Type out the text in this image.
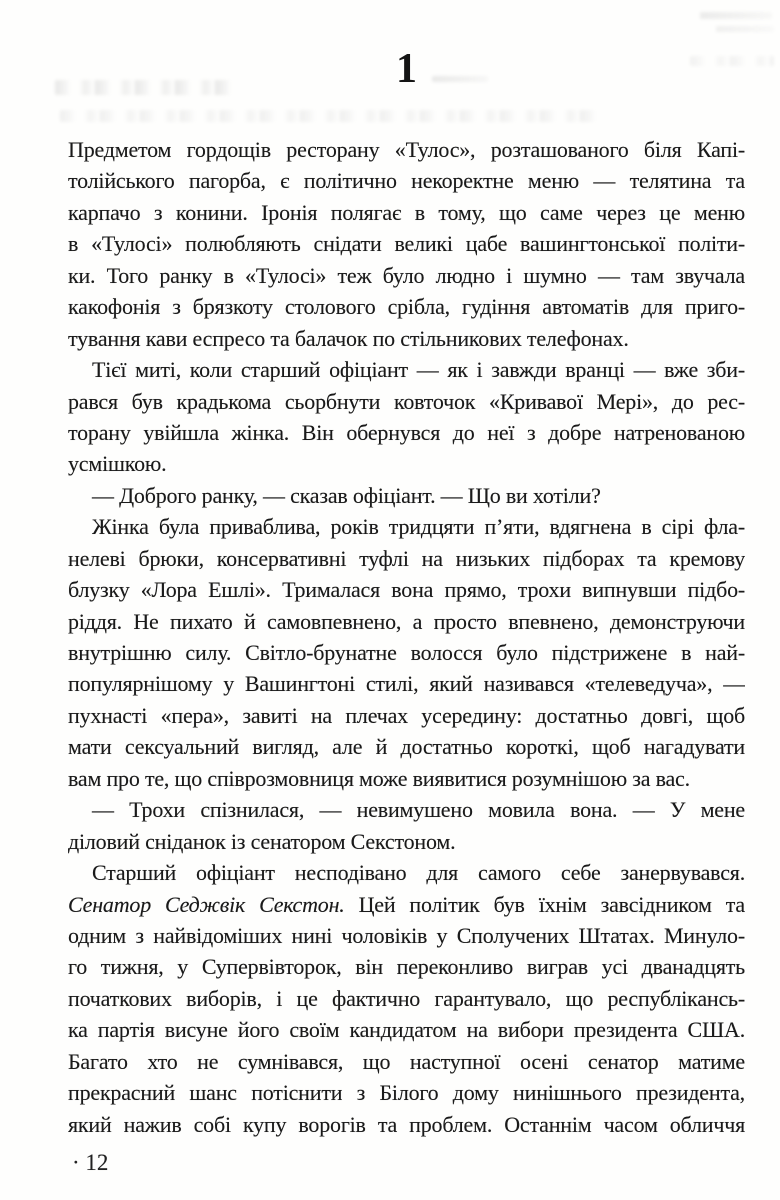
1
Предметом гордощів ресторану «Тулос», розташованого біля Капі-
толійського пагорба, є політично некоректне меню — телятина та
карпачо з конини. Іронія полягає в тому, що саме через це меню
в «Тулосі» полюбляють снідати великі цабе вашингтонської політи-
ки. Того ранку в «Тулосі» теж було людно і шумно — там звучала
какофонія з брязкоту столового срібла, гудіння автоматів для приго-
тування кави еспресо та балачок по стільникових телефонах.
Тієї миті, коли старший офіціант — як і завжди вранці — вже зби-
рався був крадькома сьорбнути ковточок «Кривавої Мері», до рес-
торану увійшла жінка. Він обернувся до неї з добре натренованою
усмішкою.
— Доброго ранку, — сказав офіціант. — Що ви хотіли?
Жінка була приваблива, років тридцяти п’яти, вдягнена в сірі фла-
нелеві брюки, консервативні туфлі на низьких підборах та кремову
блузку «Лора Ешлі». Трималася вона прямо, трохи випнувши підбо-
ріддя. Не пихато й самовпевнено, а просто впевнено, демонструючи
внутрішню силу. Світло-брунатне волосся було підстрижене в най-
популярнішому у Вашингтоні стилі, який називався «телеведуча», —
пухнасті «пера», завиті на плечах усередину: достатньо довгі, щоб
мати сексуальний вигляд, але й достатньо короткі, щоб нагадувати
вам про те, що співрозмовниця може виявитися розумнішою за вас.
— Трохи спізнилася, — невимушено мовила вона. — У мене
діловий сніданок із сенатором Секстоном.
Старший офіціант несподівано для самого себе занервувався.
Сенатор Седжвік Секстон. Цей політик був їхнім завсідником та
одним з найвідоміших нині чоловіків у Сполучених Штатах. Минуло-
го тижня, у Супервівторок, він переконливо виграв усі дванадцять
початкових виборів, і це фактично гарантувало, що республікансь-
ка партія висуне його своїм кандидатом на вибори президента США.
Багато хто не сумнівався, що наступної осені сенатор матиме
прекрасний шанс потіснити з Білого дому нинішнього президента,
який нажив собі купу ворогів та проблем. Останнім часом обличчя
· 12
